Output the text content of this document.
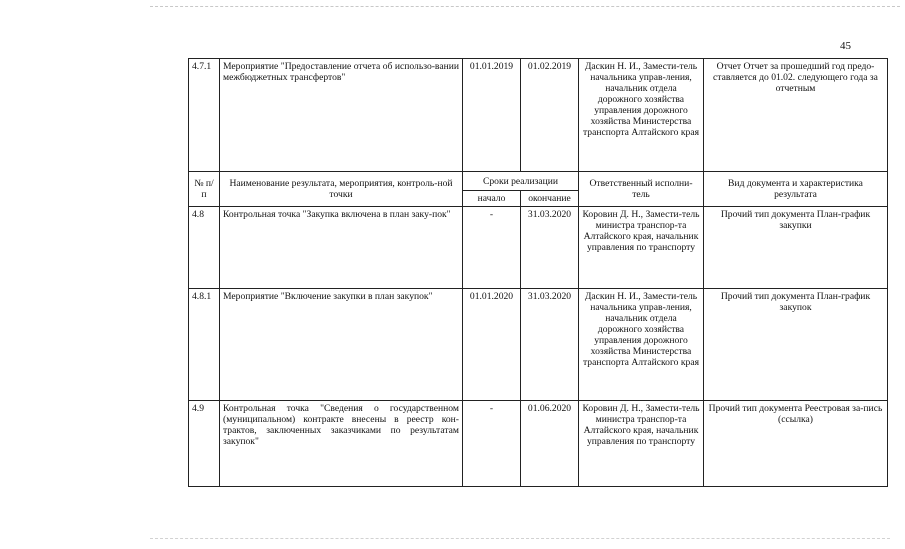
45
4.7.1	Мероприятие "Предоставление отчета об использо-вании межбюджетных трансфертов"	01.01.2019	01.02.2019	Даскин Н. И., Замести-тель начальника управ-ления, начальник отдела дорожного хозяйства управления дорожного хозяйства Министерства транспорта Алтайского края	Отчет Отчет за прошедший год предо-ставляется до 01.02. следующего года за отчетным
№ п/п	Наименование результата, мероприятия, контроль-ной точки	Сроки реализации		Ответственный исполни-тель	Вид документа и характеристика результата
		начало	окончание		
4.8	Контрольная точка "Закупка включена в план заку-пок"	-	31.03.2020	Коровин Д. Н., Замести-тель министра транспор-та Алтайского края, начальник управления по транспорту	Прочий тип документа План-график закупки
4.8.1	Мероприятие "Включение закупки в план закупок"	01.01.2020	31.03.2020	Даскин Н. И., Замести-тель начальника управ-ления, начальник отдела дорожного хозяйства управления дорожного хозяйства Министерства транспорта Алтайского края	Прочий тип документа План-график закупок
4.9	Контрольная точка "Сведения о государственном (муниципальном) контракте внесены в реестр кон-трактов, заключенных заказчиками по результатам закупок"	-	01.06.2020	Коровин Д. Н., Замести-тель министра транспор-та Алтайского края, начальник управления по транспорту	Прочий тип документа Реестровая за-пись (ссылка)
